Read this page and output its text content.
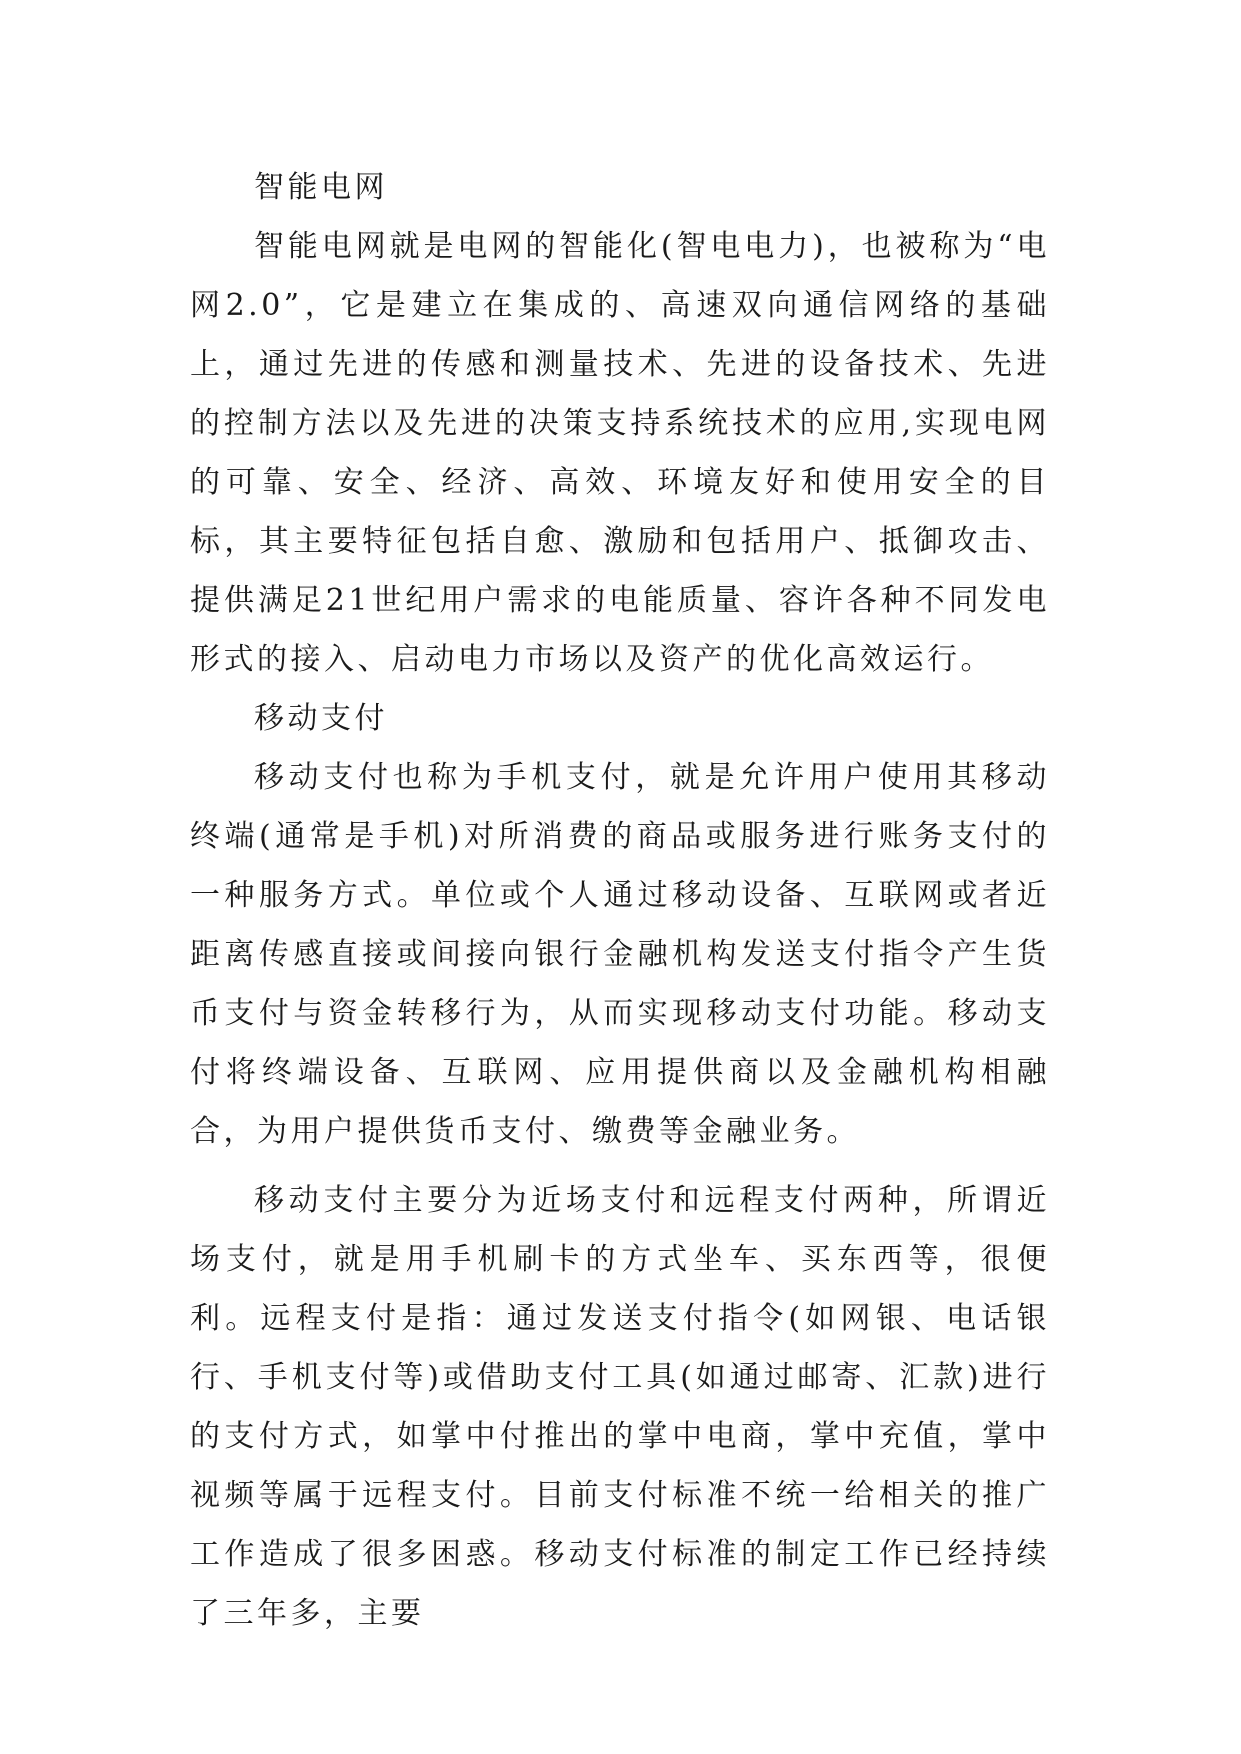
智能电网

智能电网就是电网的智能化(智电电力)，也被称为“电网2.0”，它是建立在集成的、高速双向通信网络的基础上，通过先进的传感和测量技术、先进的设备技术、先进的控制方法以及先进的决策支持系统技术的应用,实现电网的可靠、安全、经济、高效、环境友好和使用安全的目标，其主要特征包括自愈、激励和包括用户、抵御攻击、提供满足21世纪用户需求的电能质量、容许各种不同发电形式的接入、启动电力市场以及资产的优化高效运行。

移动支付

移动支付也称为手机支付，就是允许用户使用其移动终端(通常是手机)对所消费的商品或服务进行账务支付的一种服务方式。单位或个人通过移动设备、互联网或者近距离传感直接或间接向银行金融机构发送支付指令产生货币支付与资金转移行为，从而实现移动支付功能。移动支付将终端设备、互联网、应用提供商以及金融机构相融合，为用户提供货币支付、缴费等金融业务。

移动支付主要分为近场支付和远程支付两种，所谓近场支付，就是用手机刷卡的方式坐车、买东西等，很便利。远程支付是指：通过发送支付指令(如网银、电话银行、手机支付等)或借助支付工具(如通过邮寄、汇款)进行的支付方式，如掌中付推出的掌中电商，掌中充值，掌中视频等属于远程支付。目前支付标准不统一给相关的推广工作造成了很多困惑。移动支付标准的制定工作已经持续了三年多，主要
